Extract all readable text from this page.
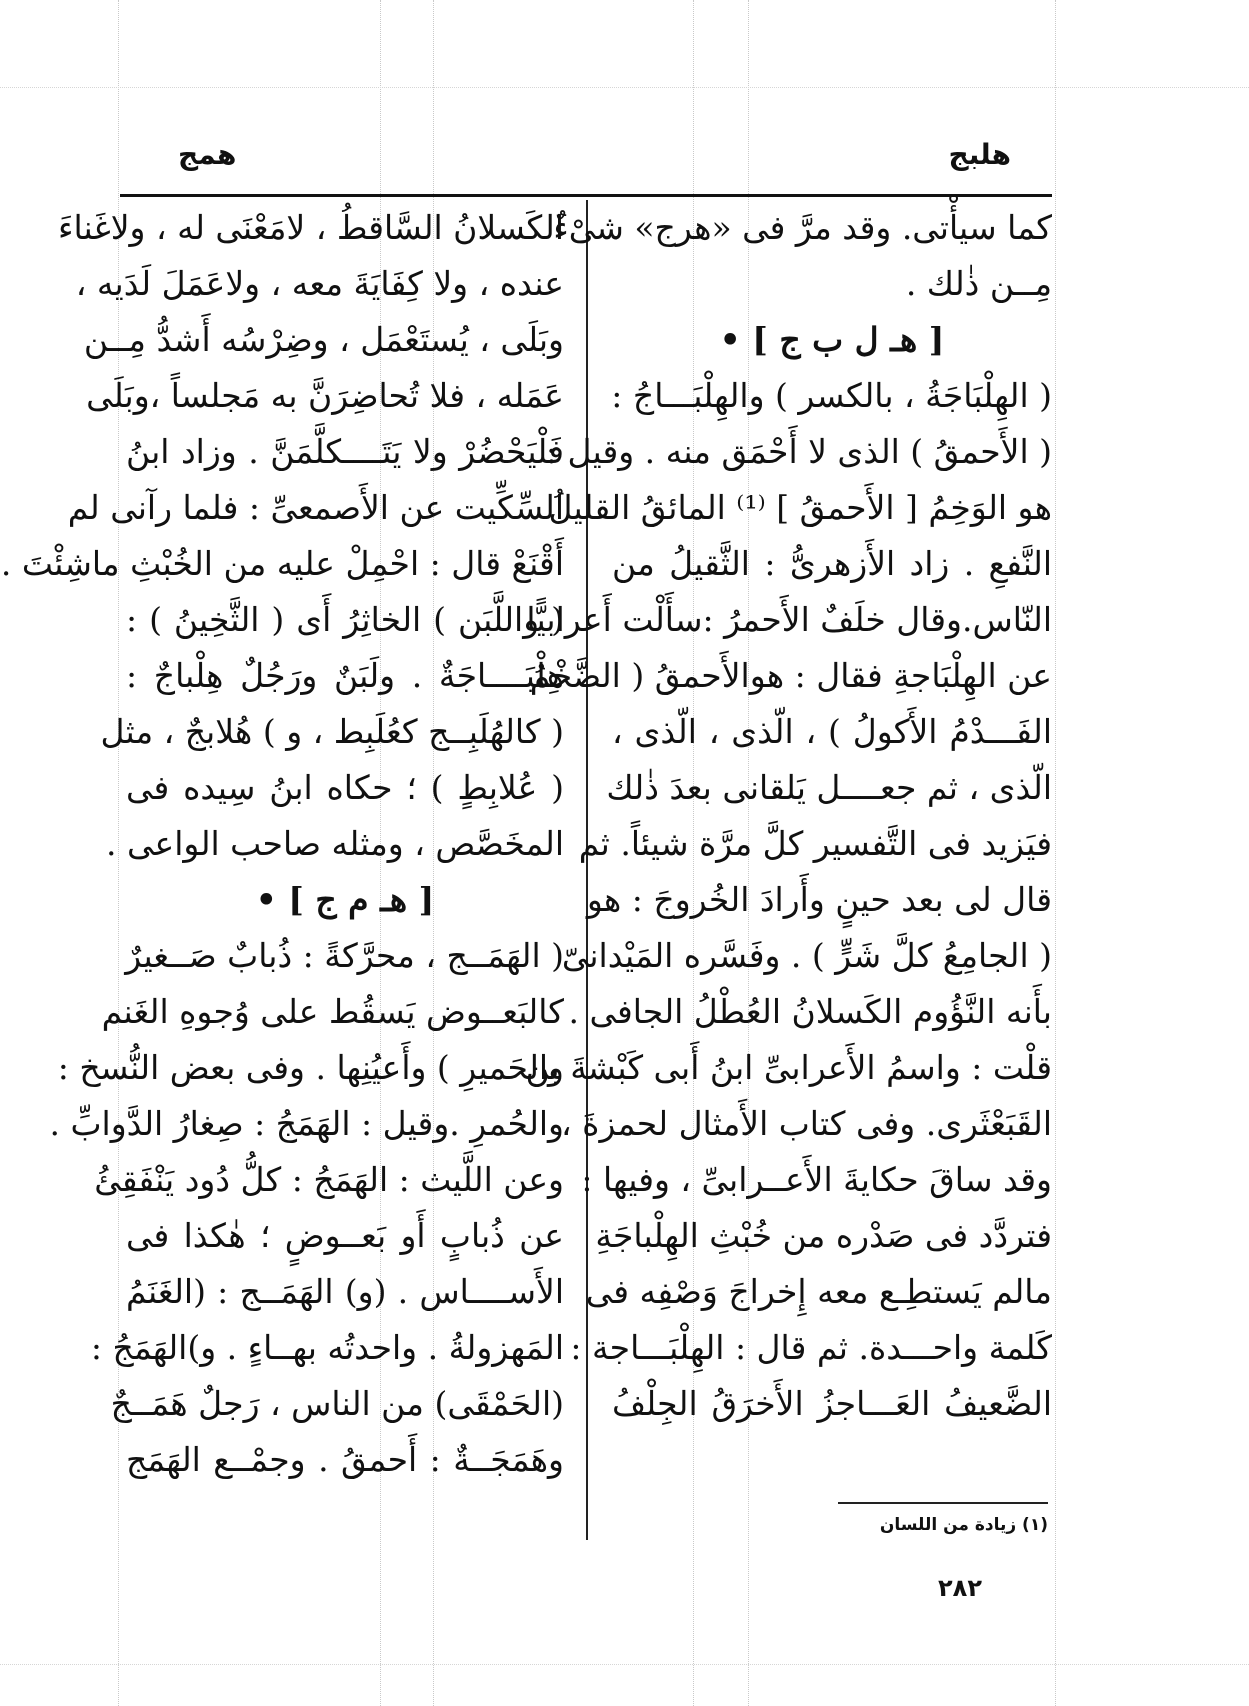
همج	هلبج
كما سيأْتى. وقد مرَّ فى «هرج» شىْءٌ
مِــن ذٰلك .
[ هـ ل ب ج ] •
( الهِلْبَاجَةُ ، بالكسر ) والهِلْبَـــاجُ :
( الأَحمقُ ) الذى لا أَحْمَق منه . وقيل :
هو الوَخِمُ [ الأَحمقُ ] ⁽¹⁾ المائقُ القليلُ
النَّفعِ . زاد الأَزهرىُّ : الثَّقيلُ من
النّاس.وقال خلَفٌ الأَحمرُ :سأَلْت أَعرابيًّا
عن الهِلْبَاجةِ فقال : هوالأَحمقُ ( الضَّخْمُ
الفَـــدْمُ الأَكولُ ) ، الّذى ، الّذى ،
الّذى ، ثم جعــــل يَلقانى بعدَ ذٰلك
فيَزيد فى التَّفسير كلَّ مرَّة شيئاً. ثم
قال لى بعد حينٍ وأَرادَ الخُروجَ : هو
( الجامِعُ كلَّ شَرٍّ ) . وفَسَّره المَيْدانىّ
بأَنه النَّؤُوم الكَسلانُ العُطْلُ الجافى .
قلْت : واسمُ الأَعرابىِّ ابنُ أَبى كَبْشةَ بن
القَبَعْثَرى. وفى كتاب الأَمثال لحمزةَ ،
وقد ساقَ حكايةَ الأَعــرابىِّ ، وفيها :
فتردَّد فى صَدْره من خُبْثِ الهِلْباجَةِ
مالم يَستطِـع معه إِخراجَ وَصْفِه فى
كَلمة واحـــدة. ثم قال : الهِلْبَـــاجة :
الضَّعيفُ العَـــاجزُ الأَخرَقُ الجِلْفُ
الكَسلانُ السَّاقطُ ، لامَعْنَى له ، ولاغَناءَ
عنده ، ولا كِفَايَةَ معه ، ولاعَمَلَ لَدَيه ،
وبَلَى ، يُستَعْمَل ، وضِرْسُه أَشدُّ مِــن
عَمَله ، فلا تُحاضِرَنَّ به مَجلساً ،وبَلَى
فَلْيَحْضُرْ ولا يَتَــــكلَّمَنَّ . وزاد ابنُ
السِّكِّيت عن الأَصمعىِّ : فلما رآنى لم
أَقْنَعْ قال : احْمِلْ عليه من الخُبْثِ ماشِئْتَ .
( واللَّبَن ) الخاثِرُ أَى ( الثَّخِينُ ) :
هِلْبَــــاجَةٌ . ولَبَنٌ ورَجُلٌ هِلْباجٌ :
( كالهُلَبِــج كعُلَبِط ، و ) هُلابجٌ ، مثل
( عُلابِطٍ ) ؛ حكاه ابنُ سِيده فى
المخَصَّص ، ومثله صاحب الواعى .
[ هـ م ج ] •
( الهَمَــج ، محرَّكةً : ذُبابٌ صَــغيرٌ
كالبَعــوض يَسقُط على وُجوهِ الغَنم
والحَميرِ ) وأَعيُنِها . وفى بعض النُّسخ :
والحُمرِ .وقيل : الهَمَجُ : صِغارُ الدَّوابِّ .
وعن اللَّيث : الهَمَجُ : كلُّ دُود يَنْفَقِئُ
عن ذُبابٍ أَو بَعــوضٍ ؛ هٰكذا فى
الأَســــاس . (و) الهَمَــج : (الغَنَمُ
المَهزولةُ . واحدتُه بهــاءٍ . و)الهَمَجُ :
(الحَمْقَى) من الناس ، رَجلٌ هَمَــجٌ
وهَمَجَــةٌ : أَحمقُ . وجمْــع الهَمَج
(١) زيادة من اللسان
٢٨٢
